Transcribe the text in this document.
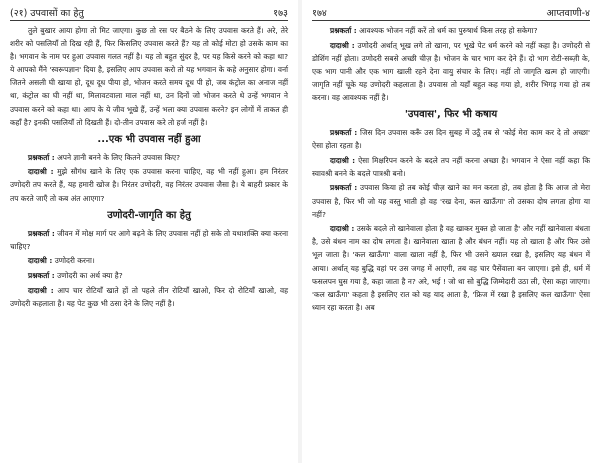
(२१) उपवासों का हेतु	१७३
तुले बुखार आया होगा तो मिट जाएगा। कुछ तो रस पर बैठने के लिए उपवास करते हैं। अरे, तेरे शरीर को पसलियाँ तो दिख रही हैं, फिर किसलिए उपवास करते हैं? यह तो कोई मोटा हो उसके काम का है। भगवान के नाम पर हुआ उपवास गलत नहीं है। यह तो बहुत सुंदर है, पर यह किसे करने को कहा था? ये आपको मैंने 'स्वरूपज्ञान' दिया है, इसलिए आप उपवास करो तो यह भगवान के कहे अनुसार होगा। वर्ना जितने असली घी खाया हो, दूध दूध पीया हो, भोजन करते समय दूध पी हो, जब कंट्रोल का अनाज नहीं था, कंट्रोल का घी नहीं था, मिलावटवाला माल नहीं था, उन दिनों जो भोजन करते थे उन्हें भगवान ने उपवास करने को कहा था। आप के ये जीव भूखे हैं, उन्हें भला क्या उपवास करने? इन लोगों में ताकत ही कहाँ है? इनकी पसलियाँ तो दिखती हैं। दो-तीन उपवास करे तो हर्ज नहीं है।
...एक भी उपवास नहीं हुआ
प्रश्नकर्ता : अपने ज्ञानी बनने के लिए कितने उपवास किए?
दादाश्री : मुझे सौगंध खाने के लिए एक उपवास करना चाहिए, वह भी नहीं हुआ। हम निरंतर उणोदरी तप करते हैं, यह हमारी खोज है। निरंतर उणोदरी, वह निरंतर उपवास जैसा है। ये बाहरी प्रकार के तप करते जाएँ तो कब अंत आएगा?
उणोदरी-जागृति का हेतु
प्रश्नकर्ता : जीवन में मोक्ष मार्ग पर आगे बढ़ने के लिए उपवास नहीं हो सके तो यथाशक्ति क्या करना चाहिए?
दादाश्री : उणोदरी करना।
प्रश्नकर्ता : उणोदरी का अर्थ क्या है?
दादाश्री : आप चार रोटियाँ खाते हों तो पहले तीन रोटियाँ खाओ, फिर दो रोटियाँ खाओ, वह उणोदरी कहलाता है। यह पेट कुछ भी ठसा देने के लिए नहीं है।
१७४	आप्तवाणी-४
प्रश्नकर्ता : आवश्यक भोजन नहीं करें तो धर्म का पुरुषार्थ किस तरह हो सकेगा?
दादाश्री : उणोदरी अर्थात् भूख लगे तो खाना, पर भूखे पेट धर्म करने को नहीं कहा है। उणोदरी से डोशिंग नहीं होता। उणोदरी सबसे अच्छी चीज़ है। भोजन के चार भाग कर देने हैं। दो भाग रोटी-सब्ज़ी के, एक भाग पानी और एक भाग खाली रहने देना वायु संचार के लिए। नहीं तो जागृति खत्म हो जाएगी। जागृति नहीं चूके यह उणोदरी कहलाता है। उपवास तो यहाँ बहुत कह गया हो, शरीर भिगड़ गया हो तब करना। वह आवश्यक नहीं है।
'उपवास', फिर भी कषाय
प्रश्नकर्ता : जिस दिन उपवास करूँ उस दिन सुबह में उठूँ तब से 'कोई मेरा काम कर दे तो अच्छा' ऐसा होता रहता है।
दादाश्री : ऐसा मिक्षरिपन करने के बदले तप नहीं करना अच्छा है। भगवान ने ऐसा नहीं कहा कि स्वावश्री बनने के बदले पात्रश्री बनो।
प्रश्नकर्ता : उपवास किया हो तब कोई चीज़ खाने का मन करता हो, तब होता है कि आज तो मेरा उपवास है, फिर भी जो यह वस्तु भाती हो वह 'रख देना, कल खाऊँगा' तो उसका दोष लगता होगा या नहीं?
दादाश्री : उसके बदले तो खानेवाला होता है वह खाकर मुक्त हो जाता है' और नहीं खानेवाला बंधता है, उसे बंधन नाम का दोष लगता है। खानेवाला खाता है और बंधन नहीं। यह तो खाता है और फिर उसे भूल जाता है। 'कल खाऊँगा' वाला खाता नहीं है, फिर भी उसने ख्याल रखा है, इसलिए यह बंधन में आया। अर्थात् यह बुद्धि वहां पर उस जगह में आएगी, तब वह चार पैसेंवाला बन जाएगा। इसे ही, धर्म में फसलपन घुस गया है, कहा जाता है न? अरे, भई ! जो था सो बुद्धि जिम्मेदारी उठा ली, ऐसा कहा जाएगा। 'कल खाऊँगा' कहता है इसलिए रात को यह याद आता है, 'फ्रिज में रखा है इसलिए कल खाऊँगा' ऐसा ध्यान रहा करता है। अब
